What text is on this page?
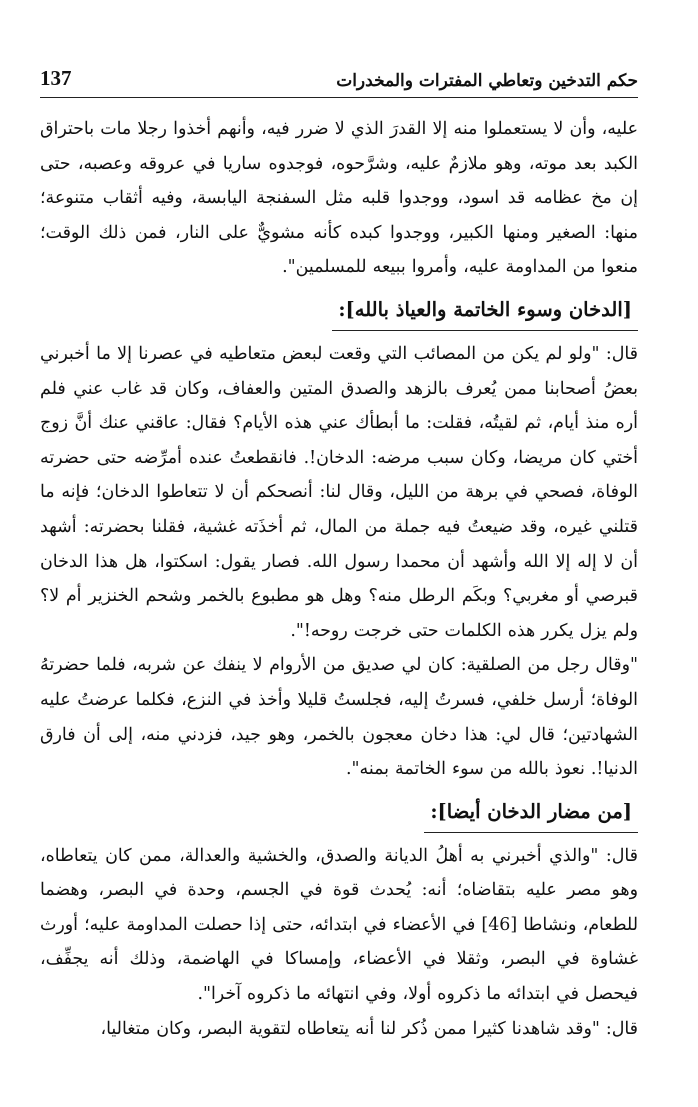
حكم التدخين وتعاطي المفترات والمخدرات
137

عليه، وأن لا يستعملوا منه إلا القدرَ الذي لا ضرر فيه، وأنهم أخذوا رجلا مات باحتراق الكبد بعد موته، وهو ملازمٌ عليه، وشرَّحوه، فوجدوه ساريا في عروقه وعصبه، حتى إن مخ عظامه قد اسود، ووجدوا قلبه مثل السفنجة اليابسة، وفيه أثقاب متنوعة؛ منها: الصغير ومنها الكبير، ووجدوا كبده كأنه مشويٌّ على النار، فمن ذلك الوقت؛ منعوا من المداومة عليه، وأمروا ببيعه للمسلمين".

[الدخان وسوء الخاتمة والعياذ بالله]:

قال: "ولو لم يكن من المصائب التي وقعت لبعض متعاطيه في عصرنا إلا ما أخبرني بعضُ أصحابنا ممن يُعرف بالزهد والصدق المتين والعفاف، وكان قد غاب عني فلم أره منذ أيام، ثم لقيتُه، فقلت: ما أبطأك عني هذه الأيام؟ فقال: عاقني عنك أنَّ زوج أختي كان مريضا، وكان سبب مرضه: الدخان!. فانقطعتُ عنده أمرِّضه حتى حضرته الوفاة، فصحي في برهة من الليل، وقال لنا: أنصحكم أن لا تتعاطوا الدخان؛ فإنه ما قتلني غيره، وقد ضيعتُ فيه جملة من المال، ثم أخذَته غشية، فقلنا بحضرته: أشهد أن لا إله إلا الله وأشهد أن محمدا رسول الله. فصار يقول: اسكتوا، هل هذا الدخان قبرصي أو مغربي؟ وبكَم الرطل منه؟ وهل هو مطبوع بالخمر وشحم الخنزير أم لا؟ ولم يزل يكرر هذه الكلمات حتى خرجت روحه!".

"وقال رجل من الصلقية: كان لي صديق من الأروام لا ينفك عن شربه، فلما حضرتهُ الوفاة؛ أرسل خلفي، فسرتُ إليه، فجلستُ قليلا وأخذ في النزع، فكلما عرضتُ عليه الشهادتين؛ قال لي: هذا دخان معجون بالخمر، وهو جيد، فزدني منه، إلى أن فارق الدنيا!. نعوذ بالله من سوء الخاتمة بمنه".

[من مضار الدخان أيضا]:

قال: "والذي أخبرني به أهلُ الديانة والصدق، والخشية والعدالة، ممن كان يتعاطاه، وهو مصر عليه بتقاضاه؛ أنه: يُحدث قوة في الجسم، وحدة في البصر، وهضما للطعام، ونشاطا [46] في الأعضاء في ابتدائه، حتى إذا حصلت المداومة عليه؛ أورث غشاوة في البصر، وثقلا في الأعضاء، وإمساكا في الهاضمة، وذلك أنه يجفِّف، فيحصل في ابتدائه ما ذكروه أولا، وفي انتهائه ما ذكروه آخرا".

قال: "وقد شاهدنا كثيرا ممن ذُكر لنا أنه يتعاطاه لتقوية البصر، وكان متغاليا،
